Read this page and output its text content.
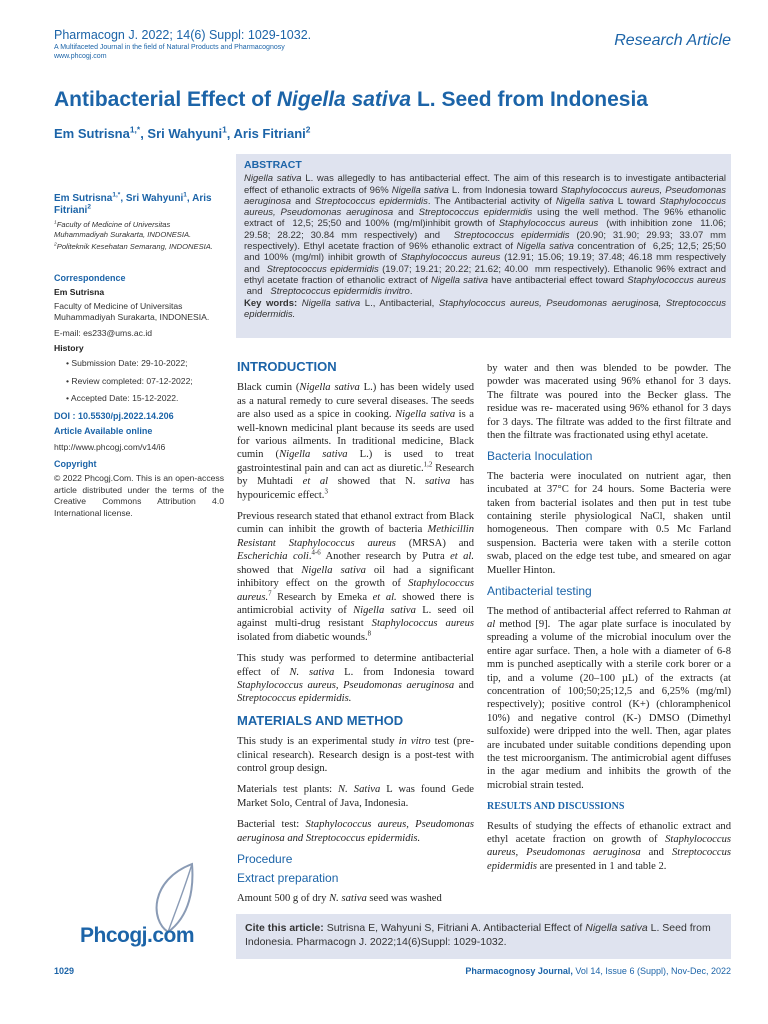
Pharmacogn J. 2022; 14(6) Suppl: 1029-1032.
A Multifaceted Journal in the field of Natural Products and Pharmacognosy
www.phcogj.com
Research Article
Antibacterial Effect of Nigella sativa L. Seed from Indonesia
Em Sutrisna$^{1,*}$, Sri Wahyuni$^1$, Aris Fitriani$^2$
Em Sutrisna$^{1,*}$, Sri Wahyuni$^1$, Aris Fitriani$^2$
$^1$Faculty of Medicine of Universitas Muhammadiyah Surakarta, INDONESIA.
$^2$Politeknik Kesehatan Semarang, INDONESIA.
Correspondence
Em Sutrisna
Faculty of Medicine of Universitas Muhammadiyah Surakarta, INDONESIA.
E-mail: es233@ums.ac.id
History
• Submission Date: 29-10-2022;
• Review completed: 07-12-2022;
• Accepted Date: 15-12-2022.
DOI : 10.5530/pj.2022.14.206
Article Available online
http://www.phcogj.com/v14/i6
Copyright
© 2022 Phcogj.Com. This is an open-access article distributed under the terms of the Creative Commons Attribution 4.0 International license.
Phcogj.com
ABSTRACT
Nigella sativa L. was allegedly to has antibacterial effect. The aim of this research is to investigate antibacterial effect of ethanolic extracts of 96% Nigella sativa L. from Indonesia toward Staphylococcus aureus, Pseudomonas aeruginosa and Streptococcus epidermidis. The Antibacterial activity of Nigella sativa L toward Staphylococcus aureus, Pseudomonas aeruginosa and Streptococcus epidermidis using the well method. The 96% ethanolic extract of  12,5; 25;50 and 100% (mg/ml)inhibit growth of Staphylococcus aureus  (with inhibition zone  11.06; 29.58; 28.22; 30.84 mm respectively) and  Streptococcus epidermidis (20.90; 31.90; 29.93; 33.07 mm respectively). Ethyl acetate fraction of 96% ethanolic extract of Nigella sativa concentration of  6,25; 12,5; 25;50 and 100% (mg/ml) inhibit growth of Staphylococcus aureus (12.91; 15.06; 19.19; 37.48; 46.18 mm respectively and  Streptococcus epidermidis (19.07; 19.21; 20.22; 21.62; 40.00  mm respectively). Ethanolic 96% extract and ethyl acetate fraction of ethanolic extract of Nigella sativa have antibacterial effect toward Staphylococcus aureus  and   Streptococcus epidermidis invitro.
Key words: Nigella sativa L., Antibacterial, Staphylococcus aureus, Pseudomonas aeruginosa, Streptococcus epidermidis.
INTRODUCTION

Black cumin (Nigella sativa L.) has been widely used as a natural remedy to cure several diseases. The seeds are also used as a spice in cooking. Nigella sativa is a well-known medicinal plant because its seeds are used for various ailments. In traditional medicine, Black cumin (Nigella sativa L.) is used to treat gastrointestinal pain and can act as diuretic.$^{1,2}$ Research by Muhtadi et al showed that N. sativa has hypouricemic effect.$^3$

Previous research stated that ethanol extract from Black cumin can inhibit the growth of bacteria Methicillin Resistant Staphylococcus aureus (MRSA) and Escherichia coli.$^{4-6}$ Another research by Putra et al. showed that Nigella sativa oil had a significant inhibitory effect on the growth of Staphylococcus aureus.$^7$ Research by Emeka et al. showed there is antimicrobial activity of Nigella sativa L. seed oil against multi-drug resistant Staphylococcus aureus isolated from diabetic wounds.$^8$

This study was performed to determine antibacterial effect of N. sativa L. from Indonesia toward Staphylococcus aureus, Pseudomonas aeruginosa and Streptococcus epidermidis.

MATERIALS AND METHOD

This study is an experimental study in vitro test (pre-clinical research). Research design is a post-test with control group design.

Materials test plants: N. Sativa L was found Gede Market Solo, Central of Java, Indonesia.

Bacterial test: Staphylococcus aureus, Pseudomonas aeruginosa and Streptococcus epidermidis.

Procedure
Extract preparation

Amount 500 g of dry N. sativa seed was washed

by water and then was blended to be powder. The powder was macerated using 96% ethanol for 3 days. The filtrate was poured into the Becker glass. The residue was re- macerated using 96% ethanol for 3 days for 3 days. The filtrate was added to the first filtrate and then the filtrate was fractionated using ethyl acetate.

Bacteria Inoculation

The bacteria were inoculated on nutrient agar, then incubated at 37°C for 24 hours. Some Bacteria were taken from bacterial isolates and then put in test tube containing sterile physiological NaCl, shaken until homogeneous. Then compare with 0.5 Mc Farland suspension. Bacteria were taken with a sterile cotton swab, placed on the edge test tube, and smeared on agar Mueller Hinton.

Antibacterial testing

The method of antibacterial affect referred to Rahman at al method [9].  The agar plate surface is inoculated by spreading a volume of the microbial inoculum over the entire agar surface. Then, a hole with a diameter of 6-8 mm is punched aseptically with a sterile cork borer or a tip, and a volume (20–100 µL) of the extracts (at concentration of 100;50;25;12,5 and 6,25% (mg/ml) respectively); positive control (K+) (chloramphenicol 10%) and negative control (K-) DMSO (Dimethyl sulfoxide) were dripped into the well. Then, agar plates are incubated under suitable conditions depending upon the test microorganism. The antimicrobial agent diffuses in the agar medium and inhibits the growth of the microbial strain tested.

RESULTS AND DISCUSSIONS

Results of studying the effects of ethanolic extract and ethyl acetate fraction on growth of Staphylococcus aureus, Pseudomonas aeruginosa and Streptococcus epidermidis are presented in 1 and table 2.

Cite this article: Sutrisna E, Wahyuni S, Fitriani A. Antibacterial Effect of Nigella sativa L. Seed from Indonesia. Pharmacogn J. 2022;14(6)Suppl: 1029-1032.
1029	Pharmacognosy Journal, Vol 14, Issue 6 (Suppl), Nov-Dec, 2022
